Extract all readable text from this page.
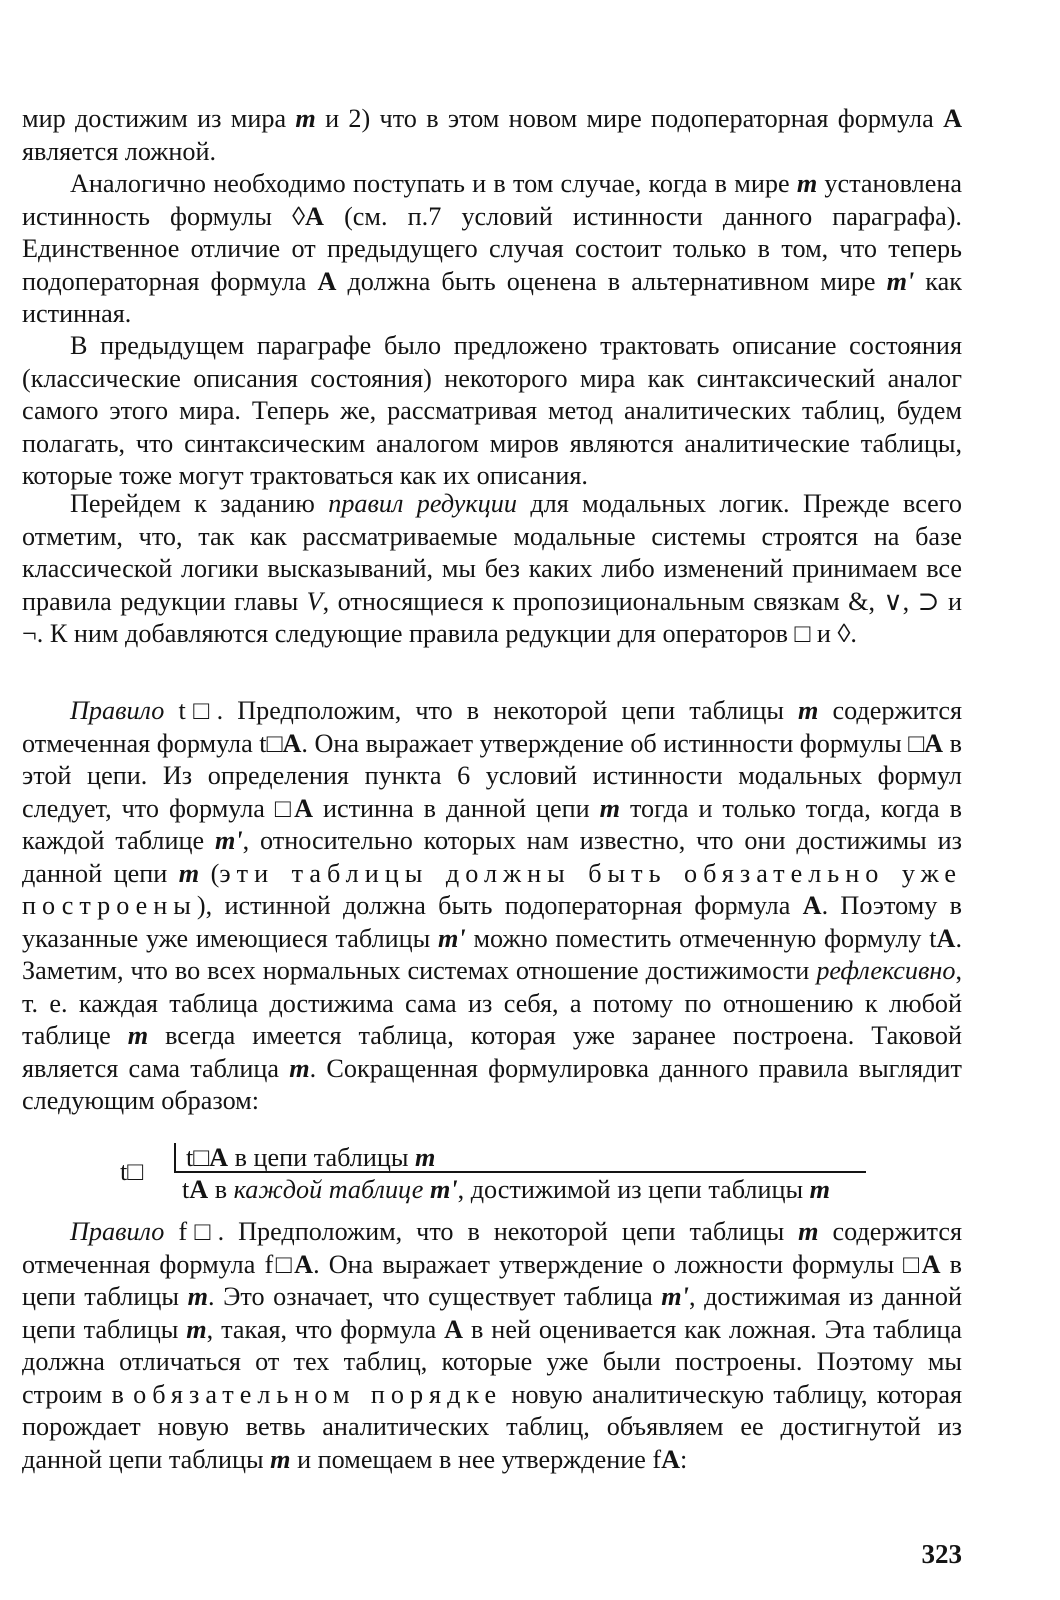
мир достижим из мира m и 2) что в этом новом мире подоператорная формула A является ложной.

Аналогично необходимо поступать и в том случае, когда в мире m установлена истинность формулы ◊A (см. п.7 условий истинности данного параграфа). Единственное отличие от предыдущего случая состоит только в том, что теперь подоператорная формула A должна быть оценена в альтернативном мире m' как истинная.

В предыдущем параграфе было предложено трактовать описание состояния (классические описания состояния) некоторого мира как синтаксический аналог самого этого мира. Теперь же, рассматривая метод аналитических таблиц, будем полагать, что синтаксическим аналогом миров являются аналитические таблицы, которые тоже могут трактоваться как их описания.

Перейдем к заданию правил редукции для модальных логик. Прежде всего отметим, что, так как рассматриваемые модальные системы строятся на базе классической логики высказываний, мы без каких либо изменений принимаем все правила редукции главы V, относящиеся к пропозициональным связкам &, ∨, ⊃ и ¬. К ним добавляются следующие правила редукции для операторов □ и ◊.

Правило t□. Предположим, что в некоторой цепи таблицы m содержится отмеченная формула t□A. Она выражает утверждение об истинности формулы □A в этой цепи. Из определения пункта 6 условий истинности модальных формул следует, что формула □A истинна в данной цепи m тогда и только тогда, когда в каждой таблице m', относительно которых нам известно, что они достижимы из данной цепи m (эти таблицы должны быть обязательно уже построены), истинной должна быть подоператорная формула A. Поэтому в указанные уже имеющиеся таблицы m' можно поместить отмеченную формулу tA. Заметим, что во всех нормальных системах отношение достижимости рефлексивно, т. е. каждая таблица достижима сама из себя, а потому по отношению к любой таблице m всегда имеется таблица, которая уже заранее построена. Таковой является сама таблица m. Сокращенная формулировка данного правила выглядит следующим образом:

t□	t□A в цепи таблицы m
tA в каждой таблице m', достижимой из цепи таблицы m

Правило f□. Предположим, что в некоторой цепи таблицы m содержится отмеченная формула f□A. Она выражает утверждение о ложности формулы □A в цепи таблицы m. Это означает, что существует таблица m', достижимая из данной цепи таблицы m, такая, что формула A в ней оценивается как ложная. Эта таблица должна отличаться от тех таблиц, которые уже были построены. Поэтому мы строим в обязательном порядке новую аналитическую таблицу, которая порождает новую ветвь аналитических таблиц, объявляем ее достигнутой из данной цепи таблицы m и помещаем в нее утверждение fA:

323
